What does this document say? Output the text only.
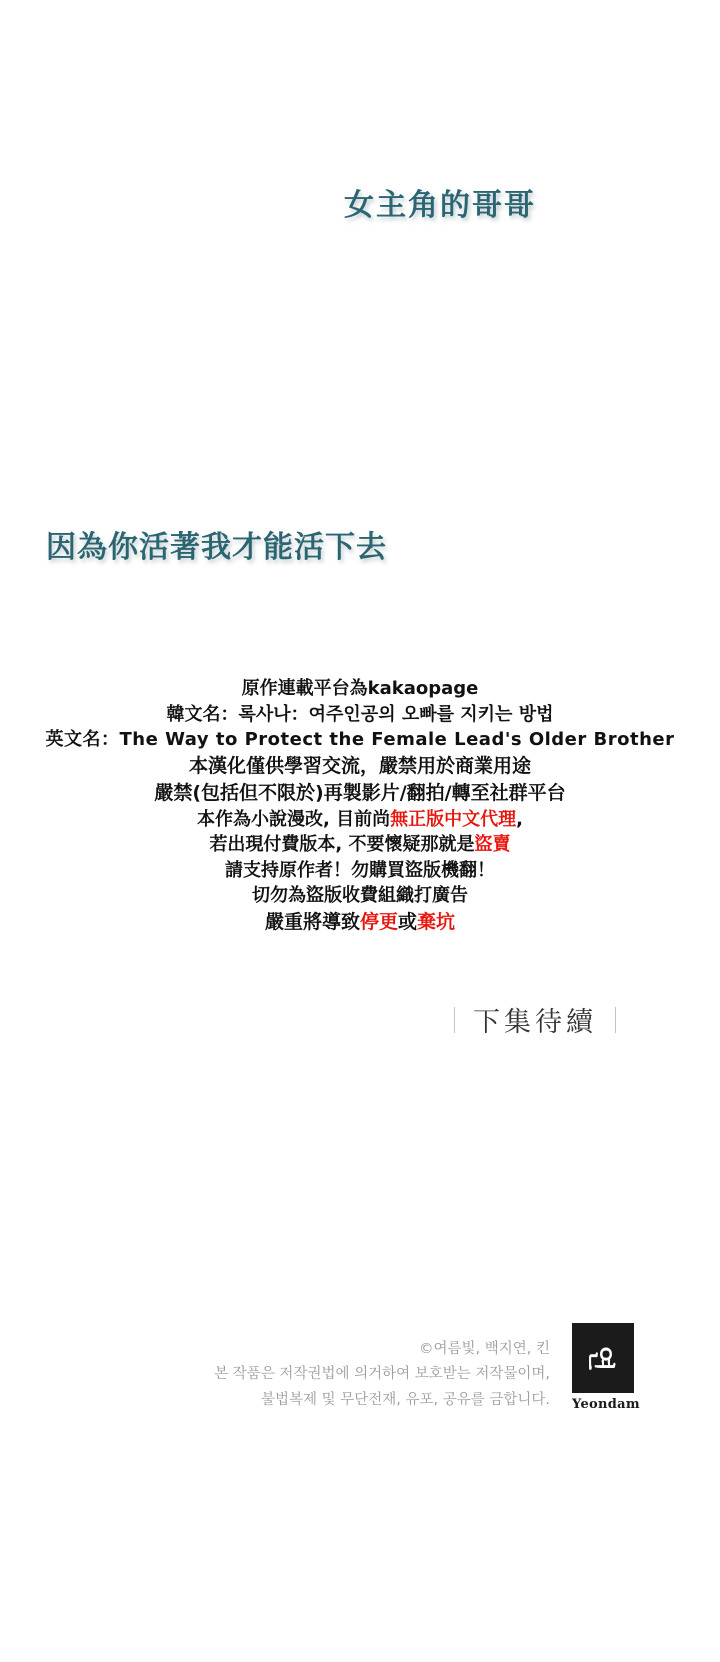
女主角的哥哥
因為你活著我才能活下去
原作連載平台為kakaopage
韓文名：록사나：여주인공의 오빠를 지키는 방법
英文名：The Way to Protect the Female Lead's Older Brother
本漢化僅供學習交流，嚴禁用於商業用途
嚴禁(包括但不限於)再製影片/翻拍/轉至社群平台
本作為小說漫改, 目前尚無正版中文代理,
若出現付費版本, 不要懷疑那就是盜賣
請支持原作者！勿購買盜版機翻！
切勿為盜版收費組織打廣告
嚴重將導致停更或棄坑
下集待續
©여름빛, 백지연, 킨
본 작품은 저작권법에 의거하여 보호받는 저작물이며,
불법복제 및 무단전재, 유포, 공유를 금합니다.
연
Yeondam
